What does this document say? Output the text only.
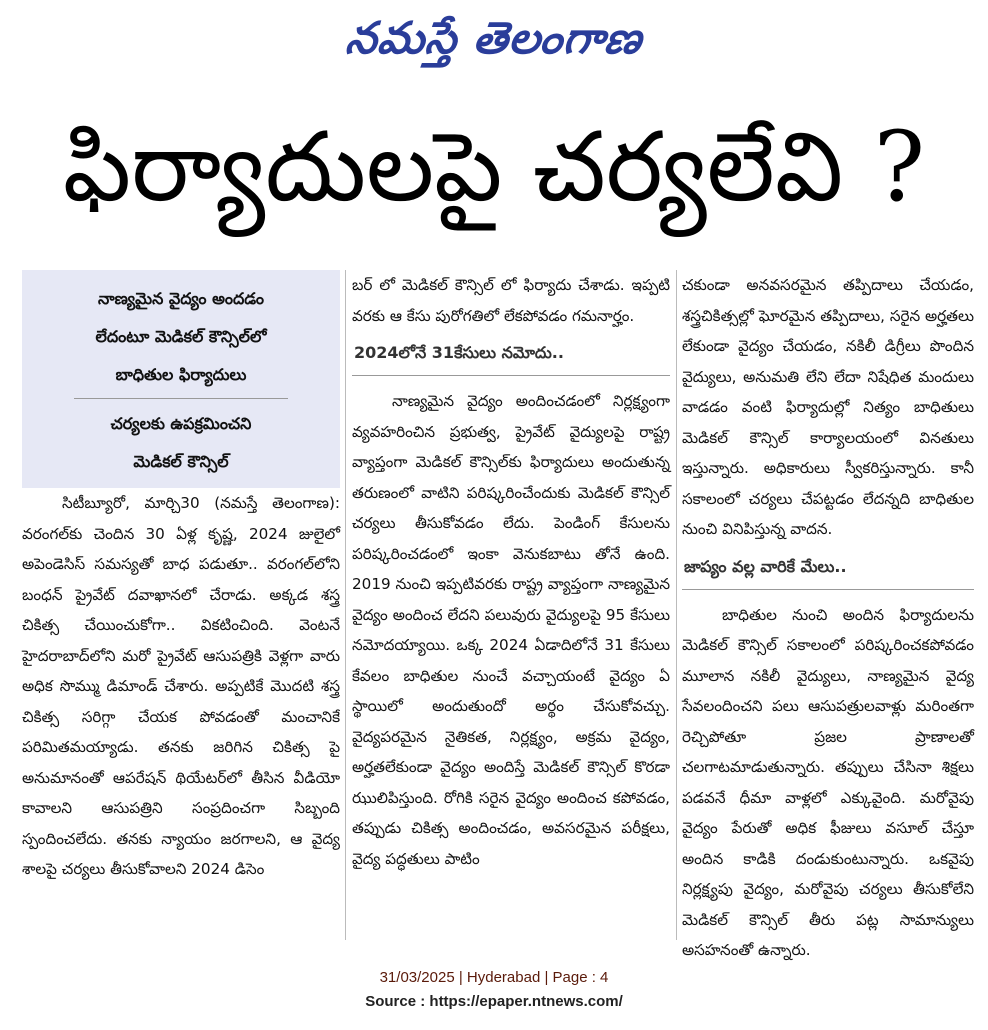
నమస్తే తెలంగాణ
ఫిర్యాదులపై చర్యలేవి ?
నాణ్యమైన వైద్యం అందడం
లేదంటూ మెడికల్ కౌన్సిల్‌లో
బాధితుల ఫిర్యాదులు
చర్యలకు ఉపక్రమించని
మెడికల్ కౌన్సిల్

సిటీబ్యూరో, మార్చి30 (నమస్తే తెలంగాణ): వరంగల్‌కు చెందిన 30 ఏళ్ల కృష్ణ, 2024 జులైలో అపెండెసిస్ సమస్యతో బాధ పడుతూ.. వరంగల్‌లోని బంధన్ ప్రైవేట్ దవాఖానలో చేరాడు. అక్కడ శస్త్ర చికిత్స చేయించుకోగా.. వికటించింది. వెంటనే హైదరాబాద్‌లోని మరో ప్రైవేట్ ఆసుపత్రికి వెళ్లగా వారు అధిక సొమ్ము డిమాండ్ చేశారు. అప్పటికే మొదటి శస్త్ర చికిత్స సరిగ్గా చేయక పోవడంతో మంచానికే పరిమితమయ్యాడు. తనకు జరిగిన చికిత్స పై అనుమానంతో ఆపరేషన్ థియేటర్‌లో తీసిన వీడియో కావాలని ఆసుపత్రిని సంప్రదించగా సిబ్బంది స్పందించలేదు. తనకు న్యాయం జరగాలని, ఆ వైద్య శాలపై చర్యలు తీసుకోవాలని 2024 డిసెం

బర్ లో మెడికల్ కౌన్సిల్ లో ఫిర్యాదు చేశాడు. ఇప్పటి వరకు ఆ కేసు పురోగతిలో లేకపోవడం గమనార్హం.

2024లోనే 31కేసులు నమోదు..

నాణ్యమైన వైద్యం అందించడంలో నిర్లక్ష్యంగా వ్యవహరించిన ప్రభుత్వ, ప్రైవేట్ వైద్యులపై రాష్ట్ర వ్యాప్తంగా మెడికల్ కౌన్సిల్‌కు ఫిర్యాదులు అందుతున్న తరుణంలో వాటిని పరిష్కరించేందుకు మెడికల్ కౌన్సిల్ చర్యలు తీసుకోవడం లేదు. పెండింగ్ కేసులను పరిష్కరించడంలో ఇంకా వెనుకబాటు తోనే ఉంది. 2019 నుంచి ఇప్పటివరకు రాష్ట్ర వ్యాప్తంగా నాణ్యమైన వైద్యం అందించ లేదని పలువురు వైద్యులపై 95 కేసులు నమోదయ్యాయి. ఒక్క 2024 ఏడాదిలోనే 31 కేసులు కేవలం బాధితుల నుంచే వచ్చాయంటే వైద్యం ఏ స్థాయిలో అందుతుందో అర్థం చేసుకోవచ్చు. వైద్యపరమైన నైతికత, నిర్లక్ష్యం, అక్రమ వైద్యం, అర్హతలేకుండా వైద్యం అందిస్తే మెడికల్ కౌన్సిల్ కొరడా ఝులిపిస్తుంది. రోగికి సరైన వైద్యం అందించ కపోవడం, తప్పుడు చికిత్స అందించడం, అవసరమైన పరీక్షలు, వైద్య పద్ధతులు పాటిం

చకుండా అనవసరమైన తప్పిదాలు చేయడం, శస్త్రచికిత్సల్లో ఘోరమైన తప్పిదాలు, సరైన అర్హతలు లేకుండా వైద్యం చేయడం, నకిలీ డిగ్రీలు పొందిన వైద్యులు, అనుమతి లేని లేదా నిషేధిత మందులు వాడడం వంటి ఫిర్యాదుల్లో నిత్యం బాధితులు మెడికల్ కౌన్సిల్ కార్యాలయంలో వినతులు ఇస్తున్నారు. అధికారులు స్వీకరిస్తున్నారు. కానీ సకాలంలో చర్యలు చేపట్టడం లేదన్నది బాధితుల నుంచి వినిపిస్తున్న వాదన.

జాప్యం వల్ల వారికే మేలు..

బాధితుల నుంచి అందిన ఫిర్యాదులను మెడికల్ కౌన్సిల్ సకాలంలో పరిష్కరించకపోవడం మూలాన నకిలీ వైద్యులు, నాణ్యమైన వైద్య సేవలందించని పలు ఆసుపత్రులవాళ్లు మరింతగా రెచ్చిపోతూ ప్రజల ప్రాణాలతో చలగాటమాడుతున్నారు. తప్పులు చేసినా శిక్షలు పడవనే ధీమా వాళ్లలో ఎక్కువైంది. మరోవైపు వైద్యం పేరుతో అధిక ఫీజులు వసూల్ చేస్తూ అందిన కాడికి దండుకుంటున్నారు. ఒకవైపు నిర్లక్ష్యపు వైద్యం, మరోవైపు చర్యలు తీసుకోలేని మెడికల్ కౌన్సిల్ తీరు పట్ల సామాన్యులు అసహనంతో ఉన్నారు.

31/03/2025 | Hyderabad | Page : 4
Source : https://epaper.ntnews.com/
